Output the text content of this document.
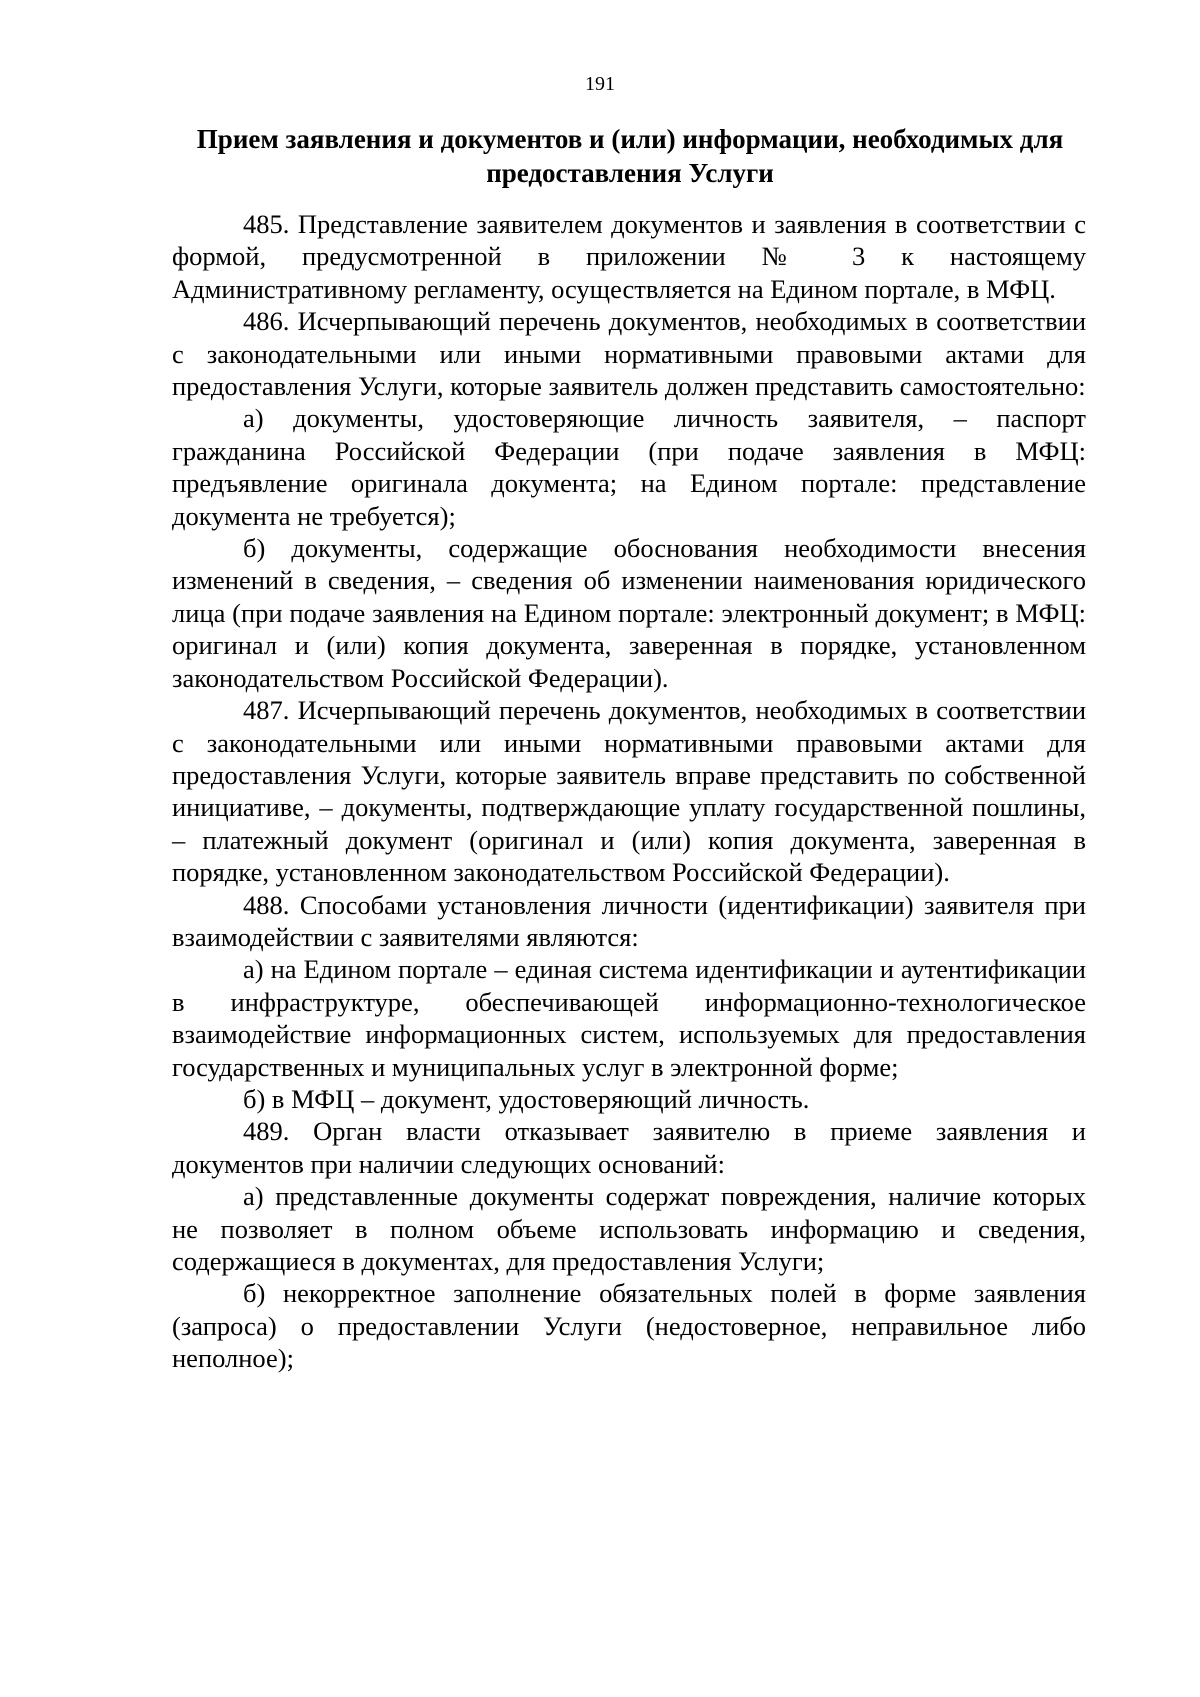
191
Прием заявления и документов и (или) информации, необходимых для предоставления Услуги

485. Представление заявителем документов и заявления в соответствии с формой, предусмотренной в приложении № 3 к настоящему Административному регламенту, осуществляется на Едином портале, в МФЦ.

486. Исчерпывающий перечень документов, необходимых в соответствии с законодательными или иными нормативными правовыми актами для предоставления Услуги, которые заявитель должен представить самостоятельно:

а) документы, удостоверяющие личность заявителя, – паспорт гражданина Российской Федерации (при подаче заявления в МФЦ: предъявление оригинала документа; на Едином портале: представление документа не требуется);

б) документы, содержащие обоснования необходимости внесения изменений в сведения, – сведения об изменении наименования юридического лица (при подаче заявления на Едином портале: электронный документ; в МФЦ: оригинал и (или) копия документа, заверенная в порядке, установленном законодательством Российской Федерации).

487. Исчерпывающий перечень документов, необходимых в соответствии с законодательными или иными нормативными правовыми актами для предоставления Услуги, которые заявитель вправе представить по собственной инициативе, – документы, подтверждающие уплату государственной пошлины, – платежный документ (оригинал и (или) копия документа, заверенная в порядке, установленном законодательством Российской Федерации).

488. Способами установления личности (идентификации) заявителя при взаимодействии с заявителями являются:

а) на Едином портале – единая система идентификации и аутентификации в инфраструктуре, обеспечивающей информационно-технологическое взаимодействие информационных систем, используемых для предоставления государственных и муниципальных услуг в электронной форме;

б) в МФЦ – документ, удостоверяющий личность.

489. Орган власти отказывает заявителю в приеме заявления и документов при наличии следующих оснований:

а) представленные документы содержат повреждения, наличие которых не позволяет в полном объеме использовать информацию и сведения, содержащиеся в документах, для предоставления Услуги;

б) некорректное заполнение обязательных полей в форме заявления (запроса) о предоставлении Услуги (недостоверное, неправильное либо неполное);
